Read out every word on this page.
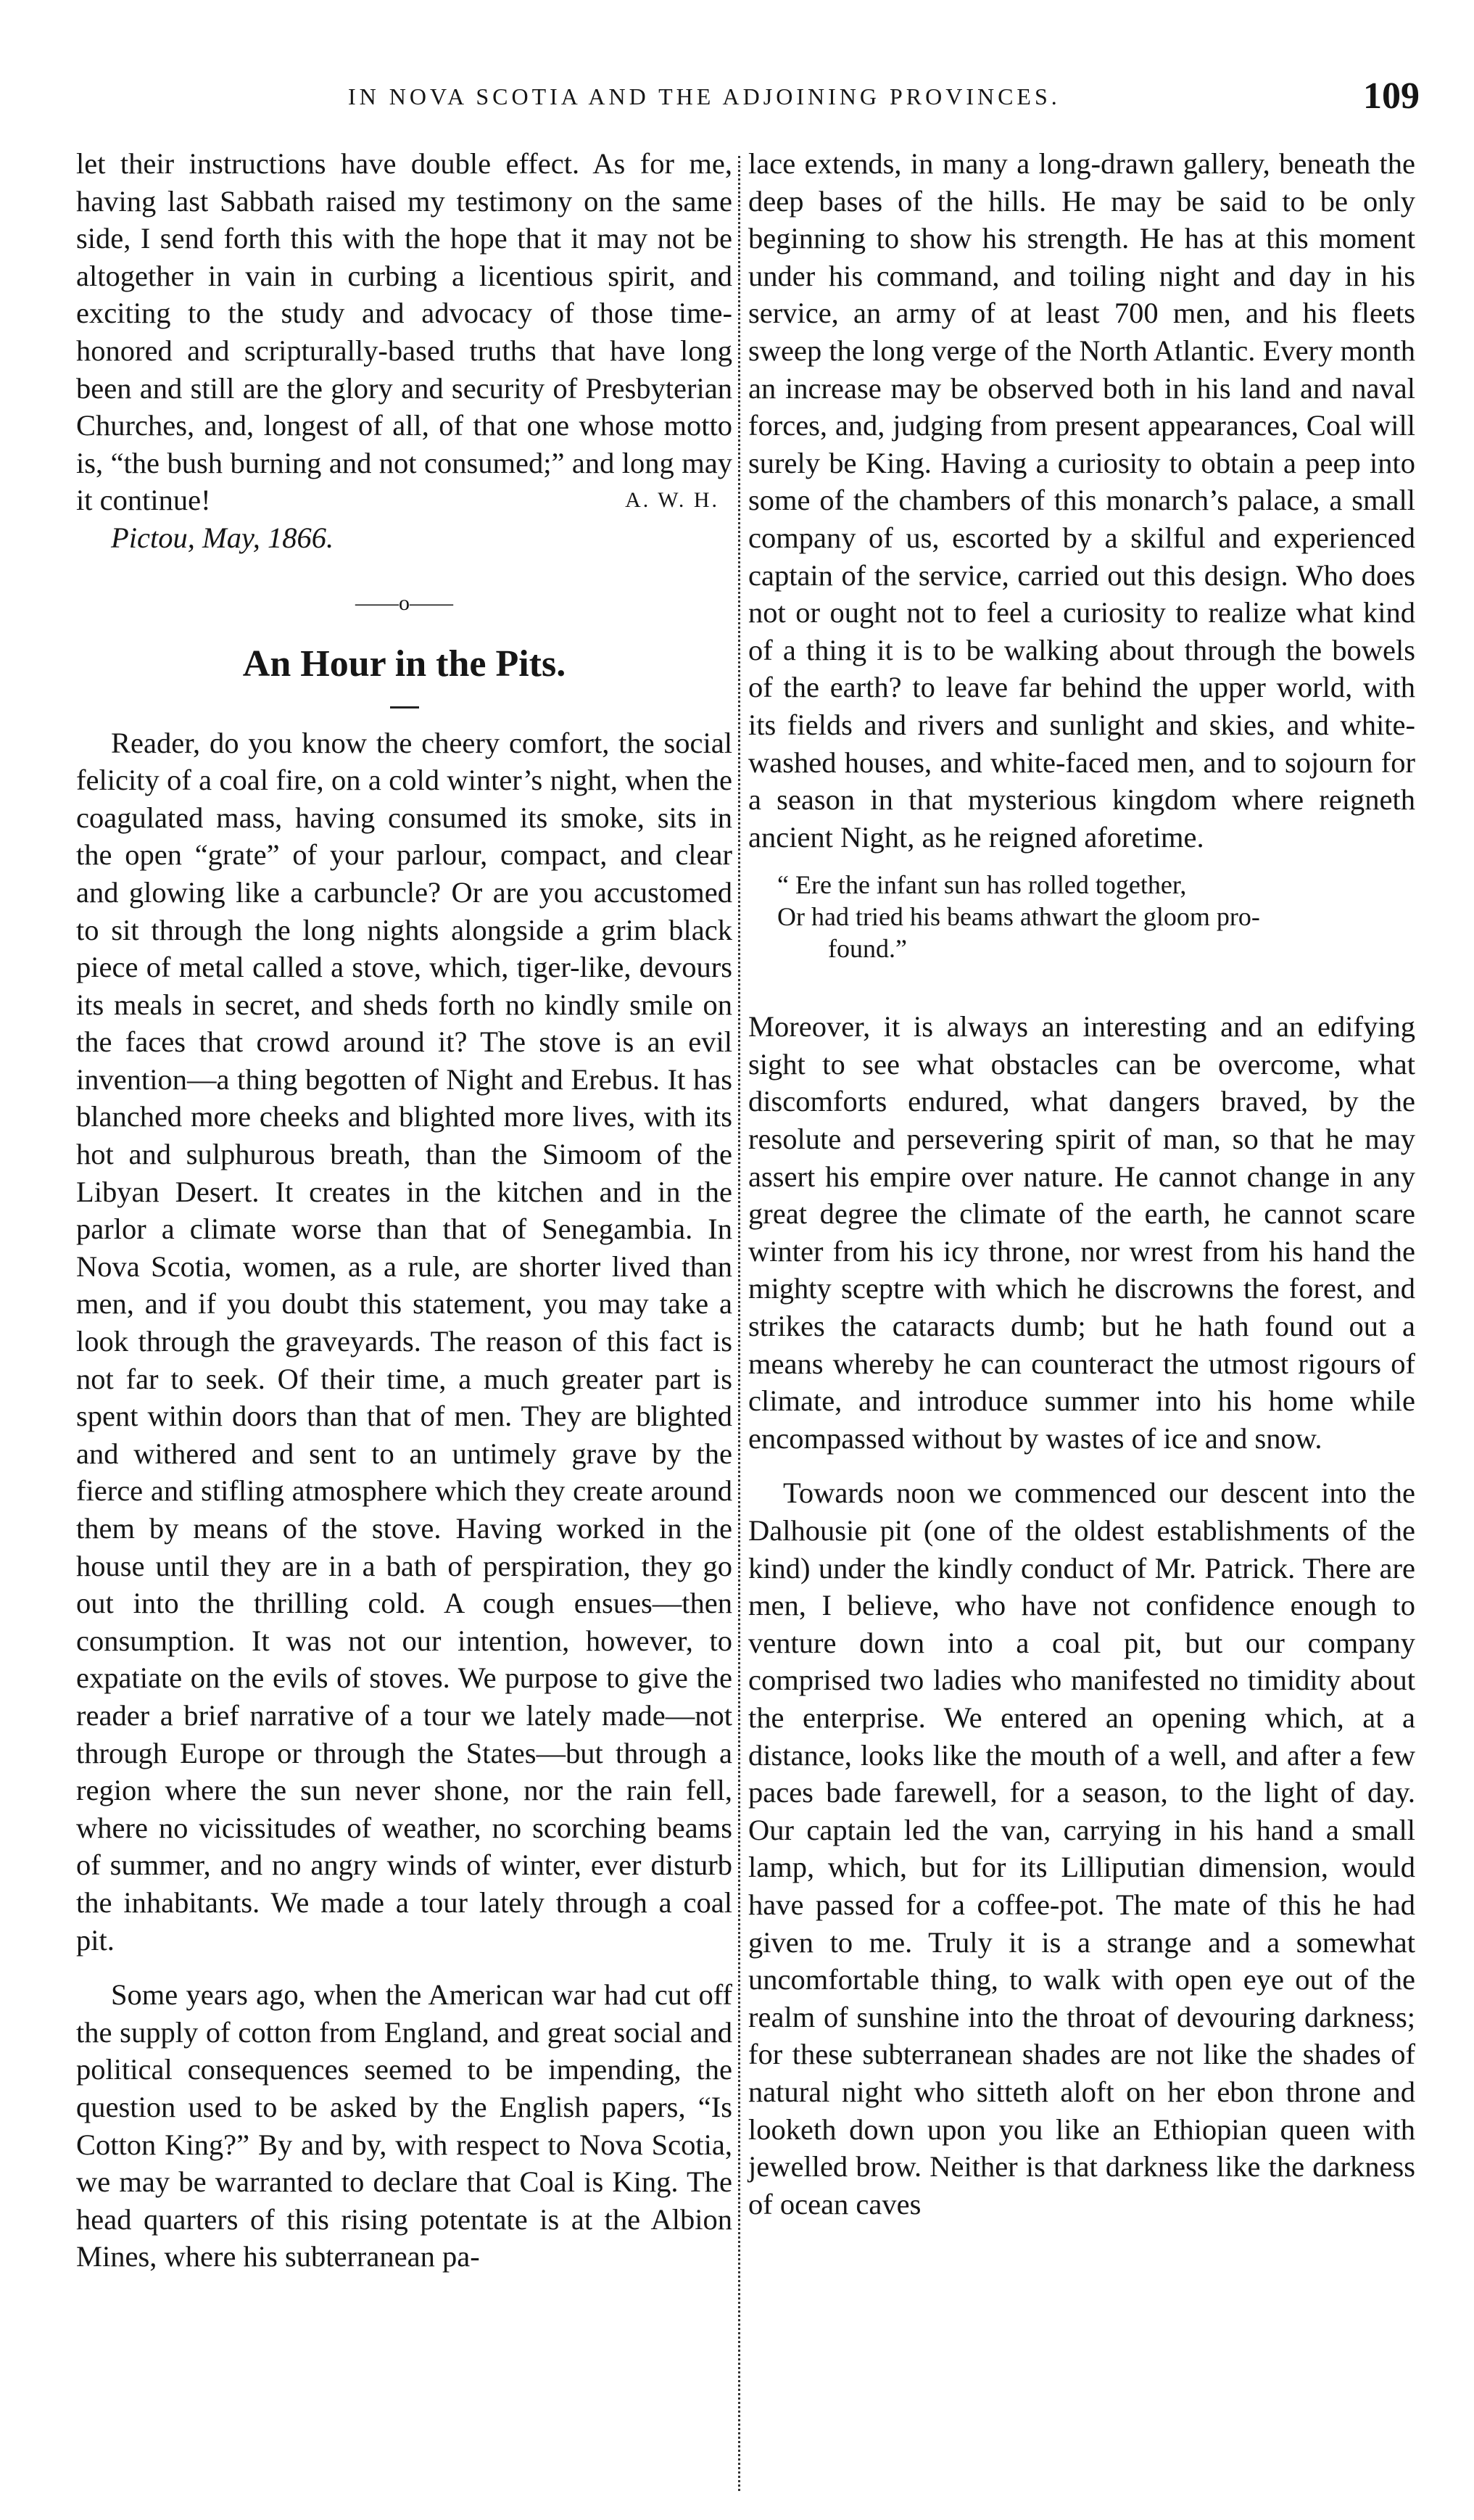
IN NOVA SCOTIA AND THE ADJOINING PROVINCES.	109

let their instructions have double effect. As for me, having last Sabbath raised my testimony on the same side, I send forth this with the hope that it may not be altogether in vain in curbing a licentious spirit, and exciting to the study and advocacy of those time-honored and scripturally-based truths that have long been and still are the glory and security of Presbyterian Churches, and, longest of all, of that one whose motto is, “the bush burning and not consumed;” and long may it continue!	A. W. H.

Pictou, May, 1866.

——o——
An Hour in the Pits.

Reader, do you know the cheery comfort, the social felicity of a coal fire, on a cold winter’s night, when the coagulated mass, having consumed its smoke, sits in the open “grate” of your parlour, compact, and clear and glowing like a carbuncle? Or are you accustomed to sit through the long nights alongside a grim black piece of metal called a stove, which, tiger-like, devours its meals in secret, and sheds forth no kindly smile on the faces that crowd around it? The stove is an evil invention—a thing begotten of Night and Erebus. It has blanched more cheeks and blighted more lives, with its hot and sulphurous breath, than the Simoom of the Libyan Desert. It creates in the kitchen and in the parlor a climate worse than that of Senegambia. In Nova Scotia, women, as a rule, are shorter lived than men, and if you doubt this statement, you may take a look through the graveyards. The reason of this fact is not far to seek. Of their time, a much greater part is spent within doors than that of men. They are blighted and withered and sent to an untimely grave by the fierce and stifling atmosphere which they create around them by means of the stove. Having worked in the house until they are in a bath of perspiration, they go out into the thrilling cold. A cough ensues—then consumption. It was not our intention, however, to expatiate on the evils of stoves. We purpose to give the reader a brief narrative of a tour we lately made—not through Europe or through the States—but through a region where the sun never shone, nor the rain fell, where no vicissitudes of weather, no scorching beams of summer, and no angry winds of winter, ever disturb the inhabitants. We made a tour lately through a coal pit.

Some years ago, when the American war had cut off the supply of cotton from England, and great social and political consequences seemed to be impending, the question used to be asked by the English papers, “Is Cotton King?” By and by, with respect to Nova Scotia, we may be warranted to declare that Coal is King. The head quarters of this rising potentate is at the Albion Mines, where his subterranean pa-

lace extends, in many a long-drawn gallery, beneath the deep bases of the hills. He may be said to be only beginning to show his strength. He has at this moment under his command, and toiling night and day in his service, an army of at least 700 men, and his fleets sweep the long verge of the North Atlantic. Every month an increase may be observed both in his land and naval forces, and, judging from present appearances, Coal will surely be King. Having a curiosity to obtain a peep into some of the chambers of this monarch’s palace, a small company of us, escorted by a skilful and experienced captain of the service, carried out this design. Who does not or ought not to feel a curiosity to realize what kind of a thing it is to be walking about through the bowels of the earth? to leave far behind the upper world, with its fields and rivers and sunlight and skies, and white-washed houses, and white-faced men, and to sojourn for a season in that mysterious kingdom where reigneth ancient Night, as he reigned aforetime.

“ Ere the infant sun has rolled together,
Or had tried his beams athwart the gloom pro-
found.”

Moreover, it is always an interesting and an edifying sight to see what obstacles can be overcome, what discomforts endured, what dangers braved, by the resolute and persevering spirit of man, so that he may assert his empire over nature. He cannot change in any great degree the climate of the earth, he cannot scare winter from his icy throne, nor wrest from his hand the mighty sceptre with which he discrowns the forest, and strikes the cataracts dumb; but he hath found out a means whereby he can counteract the utmost rigours of climate, and introduce summer into his home while encompassed without by wastes of ice and snow.

Towards noon we commenced our descent into the Dalhousie pit (one of the oldest establishments of the kind) under the kindly conduct of Mr. Patrick. There are men, I believe, who have not confidence enough to venture down into a coal pit, but our company comprised two ladies who manifested no timidity about the enterprise. We entered an opening which, at a distance, looks like the mouth of a well, and after a few paces bade farewell, for a season, to the light of day. Our captain led the van, carrying in his hand a small lamp, which, but for its Lilliputian dimension, would have passed for a coffee-pot. The mate of this he had given to me. Truly it is a strange and a somewhat uncomfortable thing, to walk with open eye out of the realm of sunshine into the throat of devouring darkness; for these subterranean shades are not like the shades of natural night who sitteth aloft on her ebon throne and looketh down upon you like an Ethiopian queen with jewelled brow. Neither is that darkness like the darkness of ocean caves
